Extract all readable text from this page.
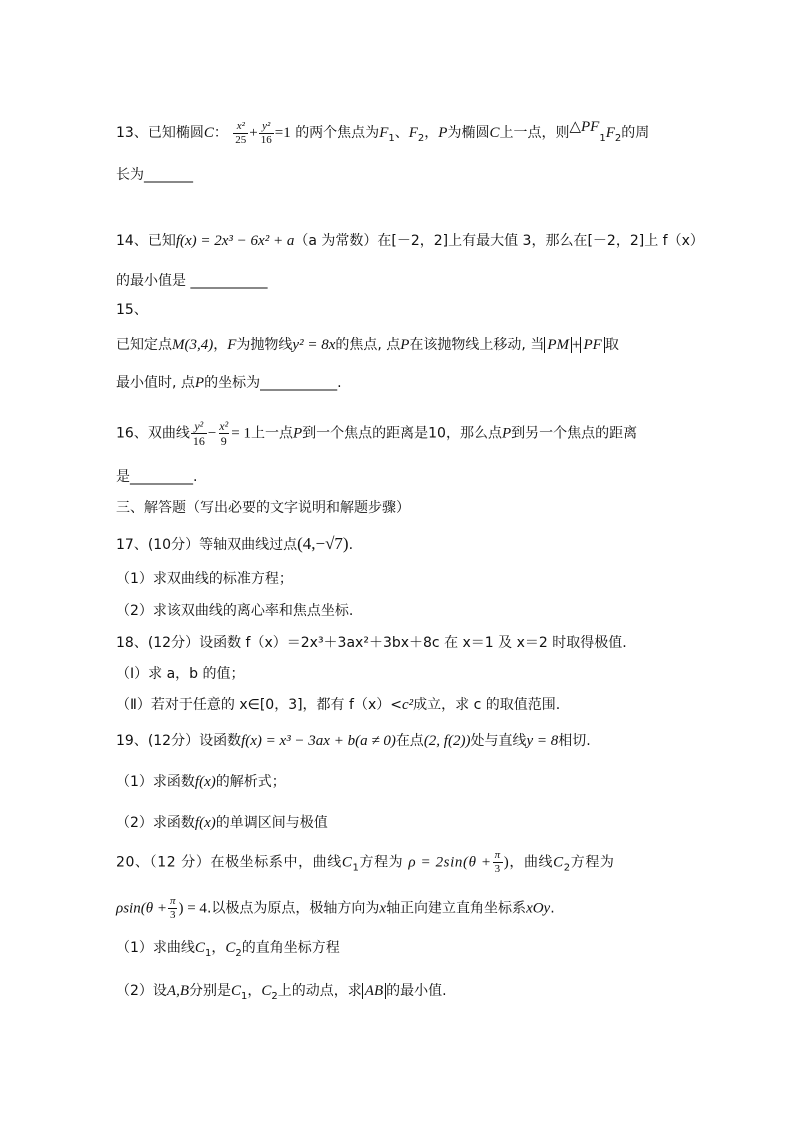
13、已知椭圆C： $\frac{\text{x²}}{25} + \frac{\text{y²}}{16} =1$ 的两个焦点为$F_1$、$F_2$，P为椭圆C上一点，则$\triangle PF_1F_2$的周
长为_______
14、已知f(x) = 2x³ − 6x² + a（a 为常数）在[－2，2]上有最大值 3，那么在[－2，2]上 f（x）
的最小值是 ___________
15、
已知定点M(3,4)，F为抛物线y² = 8x的焦点, 点P在该抛物线上移动, 当 PM + PF 取
最小值时, 点P的坐标为___________.
16、双曲线 $\frac{\text{y²}}{16} - \frac{\text{x²}}{9} = 1$上一点P到一个焦点的距离是10，那么点P到另一个焦点的距离
是_________.
三、解答题（写出必要的文字说明和解题步骤）
17、(10分）等轴双曲线过点(4,−√7).
（1）求双曲线的标准方程；
（2）求该双曲线的离心率和焦点坐标.
18、(12分）设函数 f（x）＝2x³＋3ax²＋3bx＋8c 在 x＝1 及 x＝2 时取得极值.
（Ⅰ）求 a，b 的值；
（Ⅱ）若对于任意的 x∈[0，3]，都有 f（x）<c²成立，求 c 的取值范围.
19、(12分）设函数f(x) = x³ − 3ax + b(a ≠ 0)在点(2, f(2))处与直线y = 8相切.
（1）求函数f(x)的解析式；
（2）求函数f(x)的单调区间与极值
20、（12 分）在极坐标系中，曲线$C_1$方程为 $\rho = 2\sin(\theta + \frac{\pi}{3}$ )，曲线$C_2$方程为
$\rho\sin(\theta + \frac{\pi}{3}$ ) = 4.以极点为原点，极轴方向为x轴正向建立直角坐标系xOy.
（1）求曲线$C_1$，$C_2$的直角坐标方程
（2）设A,B分别是$C_1$，$C_2$上的动点，求 AB 的最小值.
